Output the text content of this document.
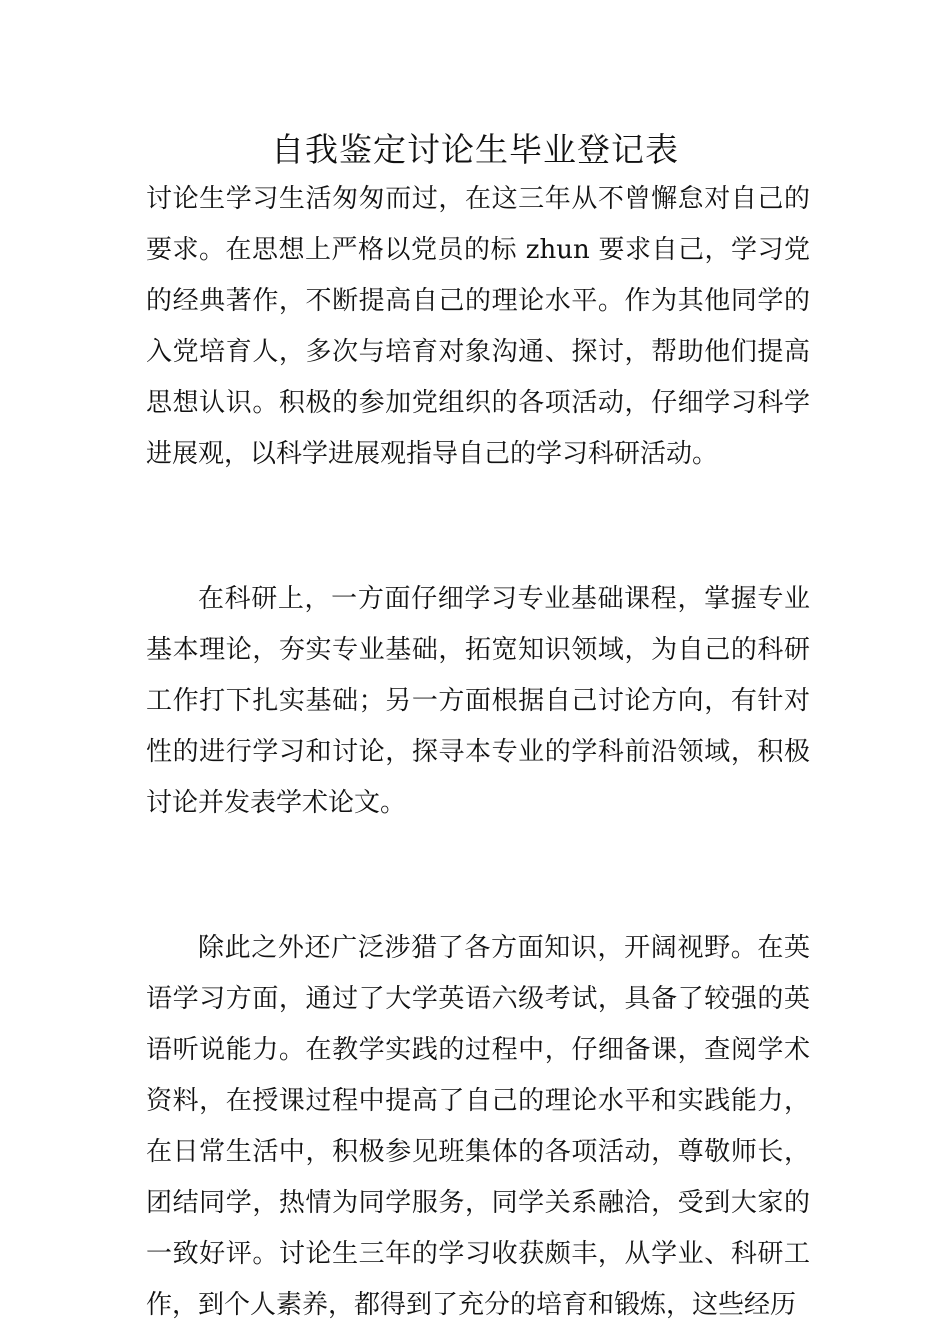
自我鉴定讨论生毕业登记表

讨论生学习生活匆匆而过，在这三年从不曾懈怠对自己的要求。在思想上严格以党员的标 zhun 要求自己，学习党的经典著作，不断提高自己的理论水平。作为其他同学的入党培育人，多次与培育对象沟通、探讨，帮助他们提高思想认识。积极的参加党组织的各项活动，仔细学习科学进展观，以科学进展观指导自己的学习科研活动。

在科研上，一方面仔细学习专业基础课程，掌握专业基本理论，夯实专业基础，拓宽知识领域，为自己的科研工作打下扎实基础；另一方面根据自己讨论方向，有针对性的进行学习和讨论，探寻本专业的学科前沿领域，积极讨论并发表学术论文。

除此之外还广泛涉猎了各方面知识，开阔视野。在英语学习方面，通过了大学英语六级考试，具备了较强的英语听说能力。在教学实践的过程中，仔细备课，查阅学术资料，在授课过程中提高了自己的理论水平和实践能力，在日常生活中，积极参见班集体的各项活动，尊敬师长，团结同学，热情为同学服务，同学关系融洽，受到大家的一致好评。讨论生三年的学习收获颇丰，从学业、科研工作，到个人素养，都得到了充分的培育和锻炼，这些经历
